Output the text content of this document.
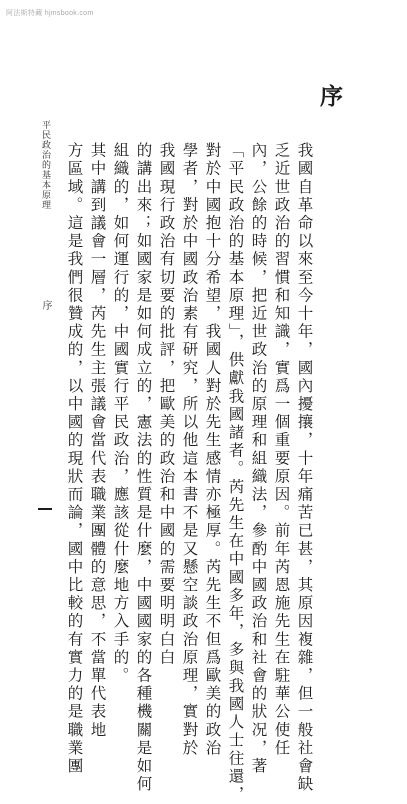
阿法斯特藏 hjmsbook.com
序
我國自革命以來至今十年，國內擾攘，十年痛苦已甚，其原因複雜，但一般社會缺
乏近世政治的習慣和知識，實爲一個重要原因。前年芮恩施先生在駐華公使任
內，公餘的時候，把近世政治的原理和組織法，參酌中國政治和社會的狀况，著
「平民政治的基本原理」，供獻我國諸者。芮先生在中國多年，多與我國人士往還，
對於中國抱十分希望，我國人對於先生感情亦極厚。芮先生不但爲歐美的政治
學者，對於中國政治素有研究，所以他這本書不是又懸空談政治原理，實對於
我國現行政治有切要的批評，把歐美的政治和中國的需要明明白白
的講出來；如國家是如何成立的，憲法的性質是什麼，中國國家的各種機關是如何
組織的，如何運行的，中國實行平民政治，應該從什麼地方入手的。
其中講到議會一層，芮先生主張議會當代表職業團體的意思，不當單代表地
方區域。這是我們很贊成的，以中國的現狀而論，國中比較的有實力的是職業團
平民政治的基本原理
序
